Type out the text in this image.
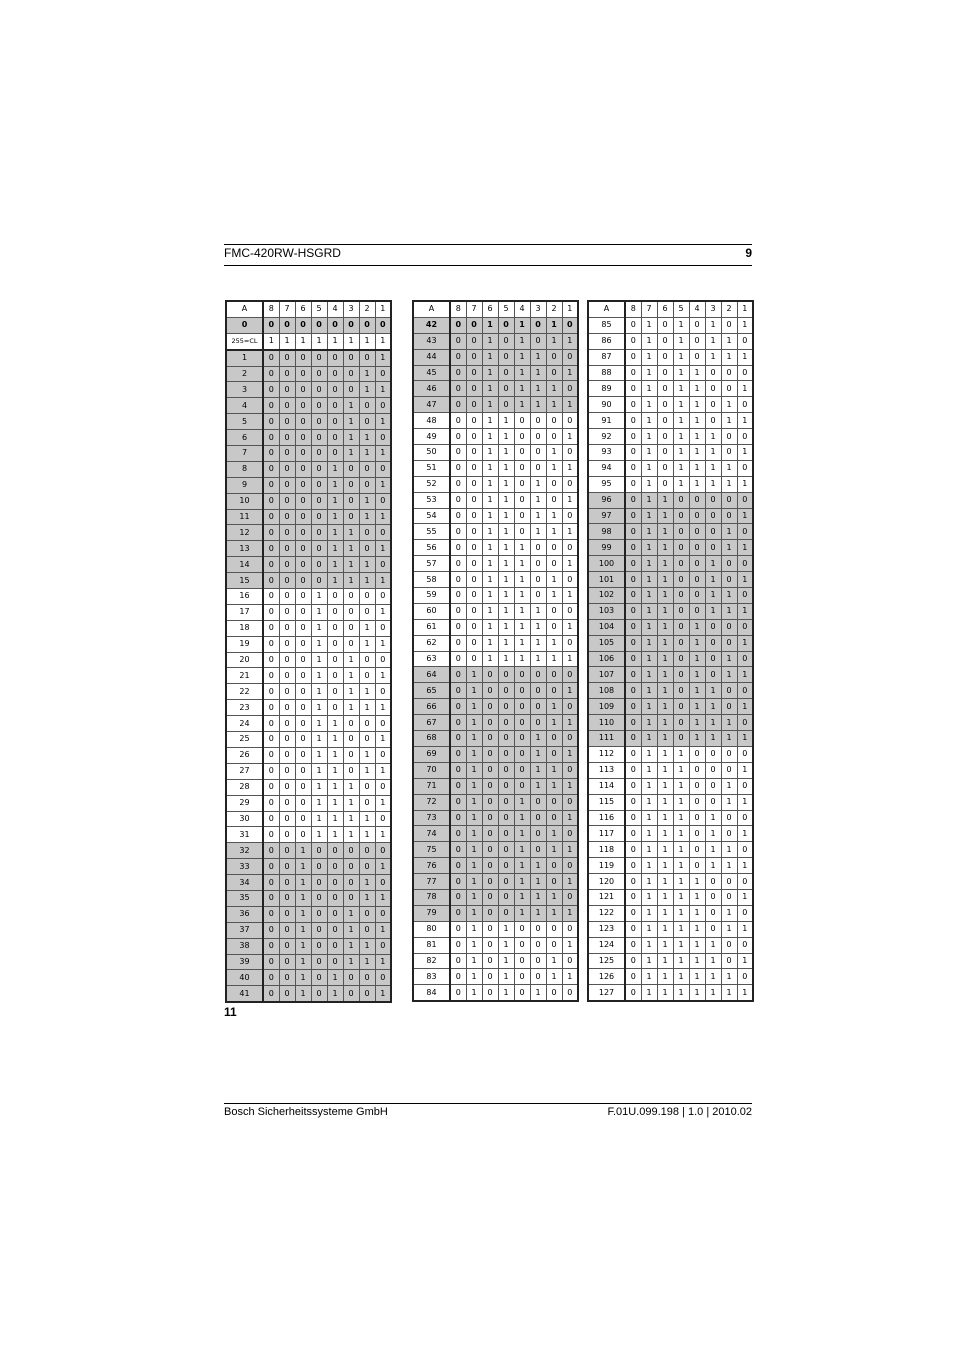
FMC-420RW-HSGRD	9
A	8	7	6	5	4	3	2	1
0	0	0	0	0	0	0	0	0
255=CL	1	1	1	1	1	1	1	1
1	0	0	0	0	0	0	0	1
2	0	0	0	0	0	0	1	0
3	0	0	0	0	0	0	1	1
4	0	0	0	0	0	1	0	0
5	0	0	0	0	0	1	0	1
6	0	0	0	0	0	1	1	0
7	0	0	0	0	0	1	1	1
8	0	0	0	0	1	0	0	0
9	0	0	0	0	1	0	0	1
10	0	0	0	0	1	0	1	0
11	0	0	0	0	1	0	1	1
12	0	0	0	0	1	1	0	0
13	0	0	0	0	1	1	0	1
14	0	0	0	0	1	1	1	0
15	0	0	0	0	1	1	1	1
16	0	0	0	1	0	0	0	0
17	0	0	0	1	0	0	0	1
18	0	0	0	1	0	0	1	0
19	0	0	0	1	0	0	1	1
20	0	0	0	1	0	1	0	0
21	0	0	0	1	0	1	0	1
22	0	0	0	1	0	1	1	0
23	0	0	0	1	0	1	1	1
24	0	0	0	1	1	0	0	0
25	0	0	0	1	1	0	0	1
26	0	0	0	1	1	0	1	0
27	0	0	0	1	1	0	1	1
28	0	0	0	1	1	1	0	0
29	0	0	0	1	1	1	0	1
30	0	0	0	1	1	1	1	0
31	0	0	0	1	1	1	1	1
32	0	0	1	0	0	0	0	0
33	0	0	1	0	0	0	0	1
34	0	0	1	0	0	0	1	0
35	0	0	1	0	0	0	1	1
36	0	0	1	0	0	1	0	0
37	0	0	1	0	0	1	0	1
38	0	0	1	0	0	1	1	0
39	0	0	1	0	0	1	1	1
40	0	0	1	0	1	0	0	0
41	0	0	1	0	1	0	0	1
A	8	7	6	5	4	3	2	1
42	0	0	1	0	1	0	1	0
43	0	0	1	0	1	0	1	1
44	0	0	1	0	1	1	0	0
45	0	0	1	0	1	1	0	1
46	0	0	1	0	1	1	1	0
47	0	0	1	0	1	1	1	1
48	0	0	1	1	0	0	0	0
49	0	0	1	1	0	0	0	1
50	0	0	1	1	0	0	1	0
51	0	0	1	1	0	0	1	1
52	0	0	1	1	0	1	0	0
53	0	0	1	1	0	1	0	1
54	0	0	1	1	0	1	1	0
55	0	0	1	1	0	1	1	1
56	0	0	1	1	1	0	0	0
57	0	0	1	1	1	0	0	1
58	0	0	1	1	1	0	1	0
59	0	0	1	1	1	0	1	1
60	0	0	1	1	1	1	0	0
61	0	0	1	1	1	1	0	1
62	0	0	1	1	1	1	1	0
63	0	0	1	1	1	1	1	1
64	0	1	0	0	0	0	0	0
65	0	1	0	0	0	0	0	1
66	0	1	0	0	0	0	1	0
67	0	1	0	0	0	0	1	1
68	0	1	0	0	0	1	0	0
69	0	1	0	0	0	1	0	1
70	0	1	0	0	0	1	1	0
71	0	1	0	0	0	1	1	1
72	0	1	0	0	1	0	0	0
73	0	1	0	0	1	0	0	1
74	0	1	0	0	1	0	1	0
75	0	1	0	0	1	0	1	1
76	0	1	0	0	1	1	0	0
77	0	1	0	0	1	1	0	1
78	0	1	0	0	1	1	1	0
79	0	1	0	0	1	1	1	1
80	0	1	0	1	0	0	0	0
81	0	1	0	1	0	0	0	1
82	0	1	0	1	0	0	1	0
83	0	1	0	1	0	0	1	1
84	0	1	0	1	0	1	0	0
A	8	7	6	5	4	3	2	1
85	0	1	0	1	0	1	0	1
86	0	1	0	1	0	1	1	0
87	0	1	0	1	0	1	1	1
88	0	1	0	1	1	0	0	0
89	0	1	0	1	1	0	0	1
90	0	1	0	1	1	0	1	0
91	0	1	0	1	1	0	1	1
92	0	1	0	1	1	1	0	0
93	0	1	0	1	1	1	0	1
94	0	1	0	1	1	1	1	0
95	0	1	0	1	1	1	1	1
96	0	1	1	0	0	0	0	0
97	0	1	1	0	0	0	0	1
98	0	1	1	0	0	0	1	0
99	0	1	1	0	0	0	1	1
100	0	1	1	0	0	1	0	0
101	0	1	1	0	0	1	0	1
102	0	1	1	0	0	1	1	0
103	0	1	1	0	0	1	1	1
104	0	1	1	0	1	0	0	0
105	0	1	1	0	1	0	0	1
106	0	1	1	0	1	0	1	0
107	0	1	1	0	1	0	1	1
108	0	1	1	0	1	1	0	0
109	0	1	1	0	1	1	0	1
110	0	1	1	0	1	1	1	0
111	0	1	1	0	1	1	1	1
112	0	1	1	1	0	0	0	0
113	0	1	1	1	0	0	0	1
114	0	1	1	1	0	0	1	0
115	0	1	1	1	0	0	1	1
116	0	1	1	1	0	1	0	0
117	0	1	1	1	0	1	0	1
118	0	1	1	1	0	1	1	0
119	0	1	1	1	0	1	1	1
120	0	1	1	1	1	0	0	0
121	0	1	1	1	1	0	0	1
122	0	1	1	1	1	0	1	0
123	0	1	1	1	1	0	1	1
124	0	1	1	1	1	1	0	0
125	0	1	1	1	1	1	0	1
126	0	1	1	1	1	1	1	0
127	0	1	1	1	1	1	1	1
11
Bosch Sicherheitssysteme GmbH	F.01U.099.198 | 1.0 | 2010.02
